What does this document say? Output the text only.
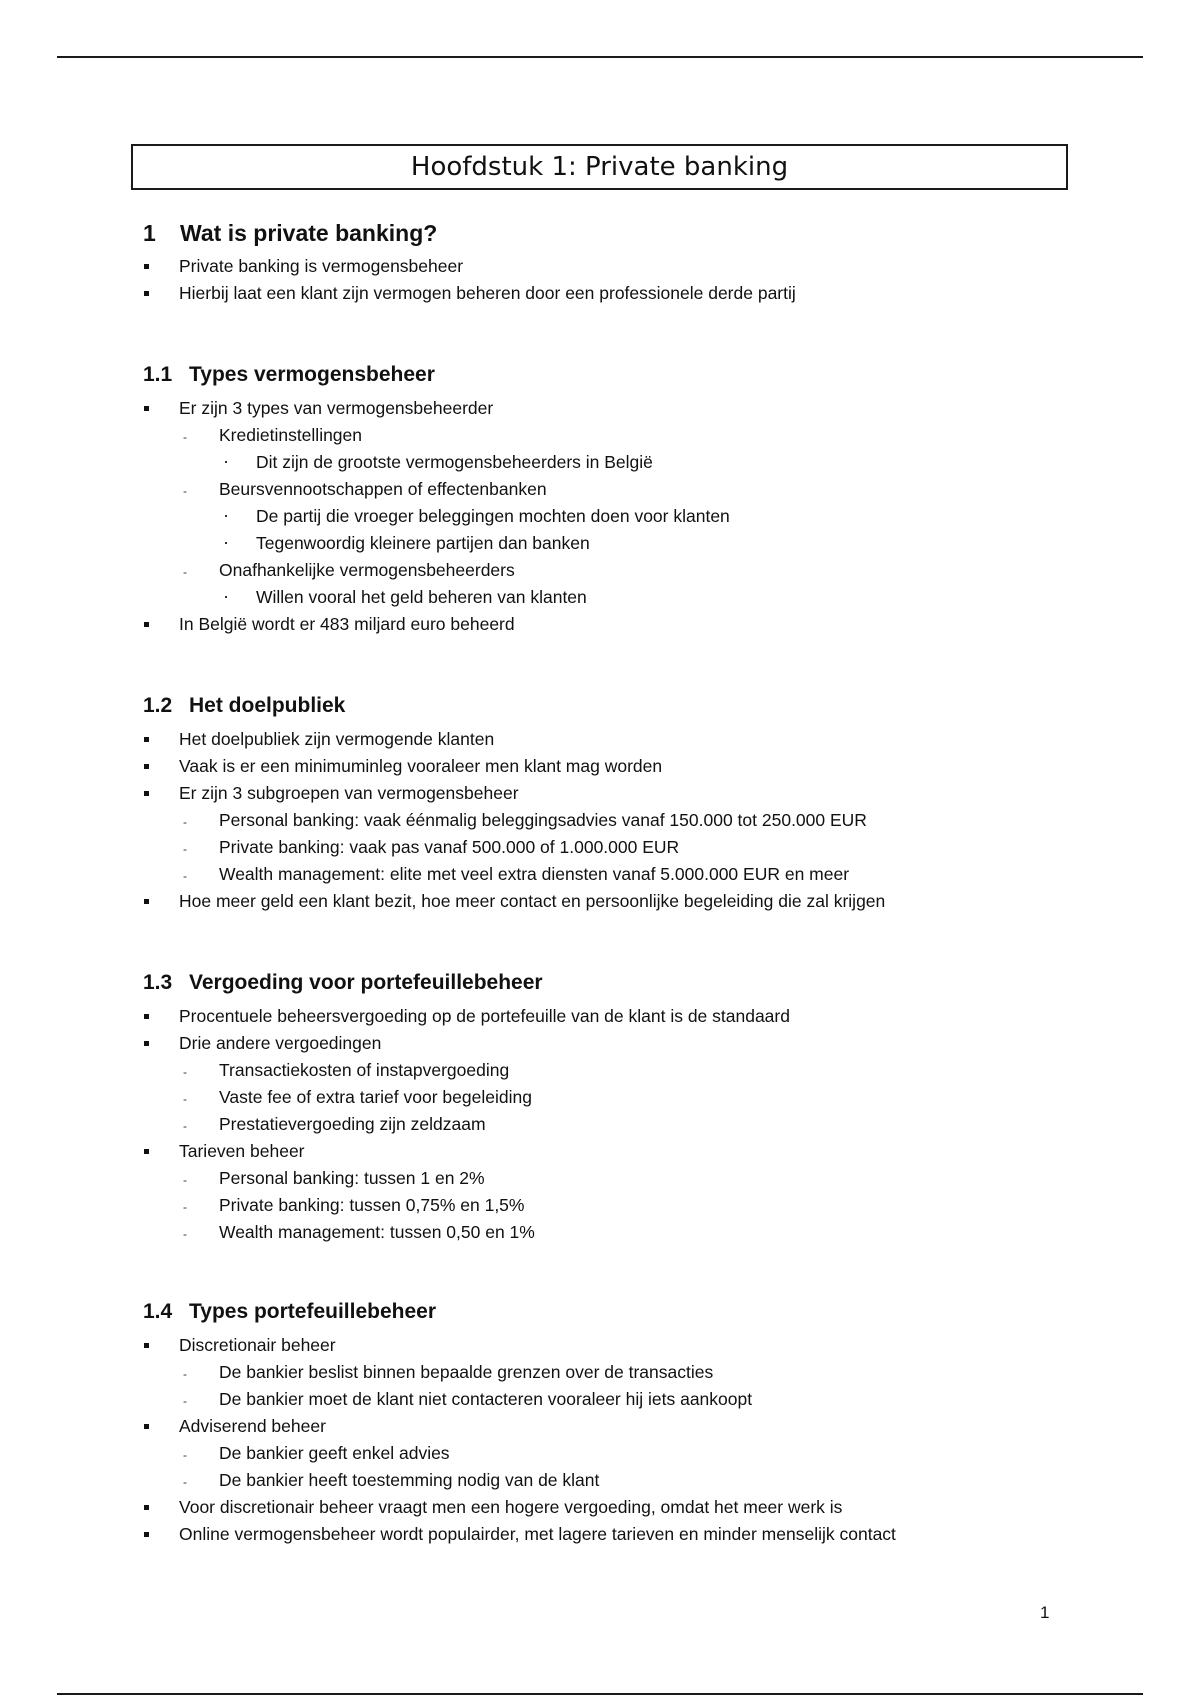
Hoofdstuk 1: Private banking
1 Wat is private banking?
Private banking is vermogensbeheer
Hierbij laat een klant zijn vermogen beheren door een professionele derde partij
1.1 Types vermogensbeheer
Er zijn 3 types van vermogensbeheerder
- Kredietinstellingen
Dit zijn de grootste vermogensbeheerders in België
- Beursvennootschappen of effectenbanken
De partij die vroeger beleggingen mochten doen voor klanten
Tegenwoordig kleinere partijen dan banken
- Onafhankelijke vermogensbeheerders
Willen vooral het geld beheren van klanten
In België wordt er 483 miljard euro beheerd
1.2 Het doelpubliek
Het doelpubliek zijn vermogende klanten
Vaak is er een minimuminleg vooraleer men klant mag worden
Er zijn 3 subgroepen van vermogensbeheer
- Personal banking: vaak éénmalig beleggingsadvies vanaf 150.000 tot 250.000 EUR
- Private banking: vaak pas vanaf 500.000 of 1.000.000 EUR
- Wealth management: elite met veel extra diensten vanaf 5.000.000 EUR en meer
Hoe meer geld een klant bezit, hoe meer contact en persoonlijke begeleiding die zal krijgen
1.3 Vergoeding voor portefeuillebeheer
Procentuele beheersvergoeding op de portefeuille van de klant is de standaard
Drie andere vergoedingen
- Transactiekosten of instapvergoeding
- Vaste fee of extra tarief voor begeleiding
- Prestatievergoeding zijn zeldzaam
Tarieven beheer
- Personal banking: tussen 1 en 2%
- Private banking: tussen 0,75% en 1,5%
- Wealth management: tussen 0,50 en 1%
1.4 Types portefeuillebeheer
Discretionair beheer
- De bankier beslist binnen bepaalde grenzen over de transacties
- De bankier moet de klant niet contacteren vooraleer hij iets aankoopt
Adviserend beheer
- De bankier geeft enkel advies
- De bankier heeft toestemming nodig van de klant
Voor discretionair beheer vraagt men een hogere vergoeding, omdat het meer werk is
Online vermogensbeheer wordt populairder, met lagere tarieven en minder menselijk contact
1
